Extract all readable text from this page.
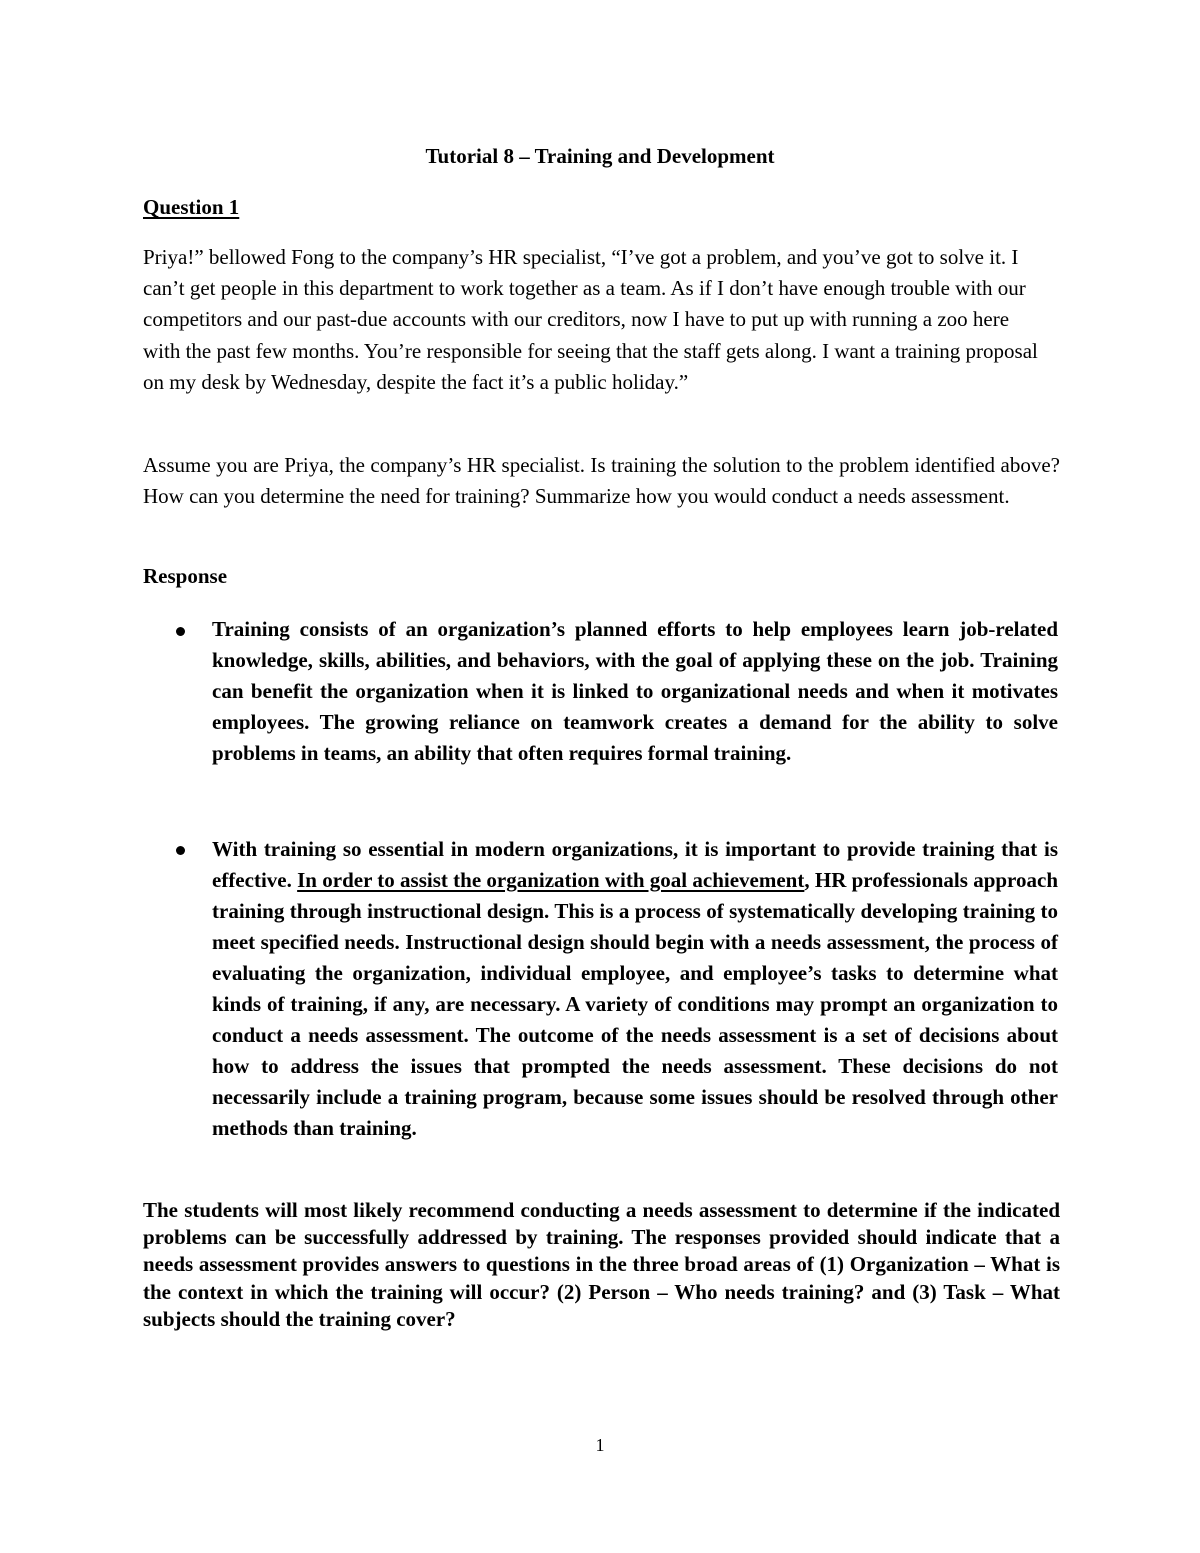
Tutorial 8 – Training and Development
Question 1

Priya!” bellowed Fong to the company’s HR specialist, “I’ve got a problem, and you’ve got to solve it. I can’t get people in this department to work together as a team. As if I don’t have enough trouble with our competitors and our past-due accounts with our creditors, now I have to put up with running a zoo here with the past few months. You’re responsible for seeing that the staff gets along. I want a training proposal on my desk by Wednesday, despite the fact it’s a public holiday.”

Assume you are Priya, the company’s HR specialist. Is training the solution to the problem identified above? How can you determine the need for training? Summarize how you would conduct a needs assessment.

Response
Training consists of an organization’s planned efforts to help employees learn job-related knowledge, skills, abilities, and behaviors, with the goal of applying these on the job. Training can benefit the organization when it is linked to organizational needs and when it motivates employees. The growing reliance on teamwork creates a demand for the ability to solve problems in teams, an ability that often requires formal training.
With training so essential in modern organizations, it is important to provide training that is effective. In order to assist the organization with goal achievement, HR professionals approach training through instructional design. This is a process of systematically developing training to meet specified needs. Instructional design should begin with a needs assessment, the process of evaluating the organization, individual employee, and employee’s tasks to determine what kinds of training, if any, are necessary. A variety of conditions may prompt an organization to conduct a needs assessment. The outcome of the needs assessment is a set of decisions about how to address the issues that prompted the needs assessment. These decisions do not necessarily include a training program, because some issues should be resolved through other methods than training.

The students will most likely recommend conducting a needs assessment to determine if the indicated problems can be successfully addressed by training. The responses provided should indicate that a needs assessment provides answers to questions in the three broad areas of (1) Organization – What is the context in which the training will occur? (2) Person – Who needs training? and (3) Task – What subjects should the training cover?

1
